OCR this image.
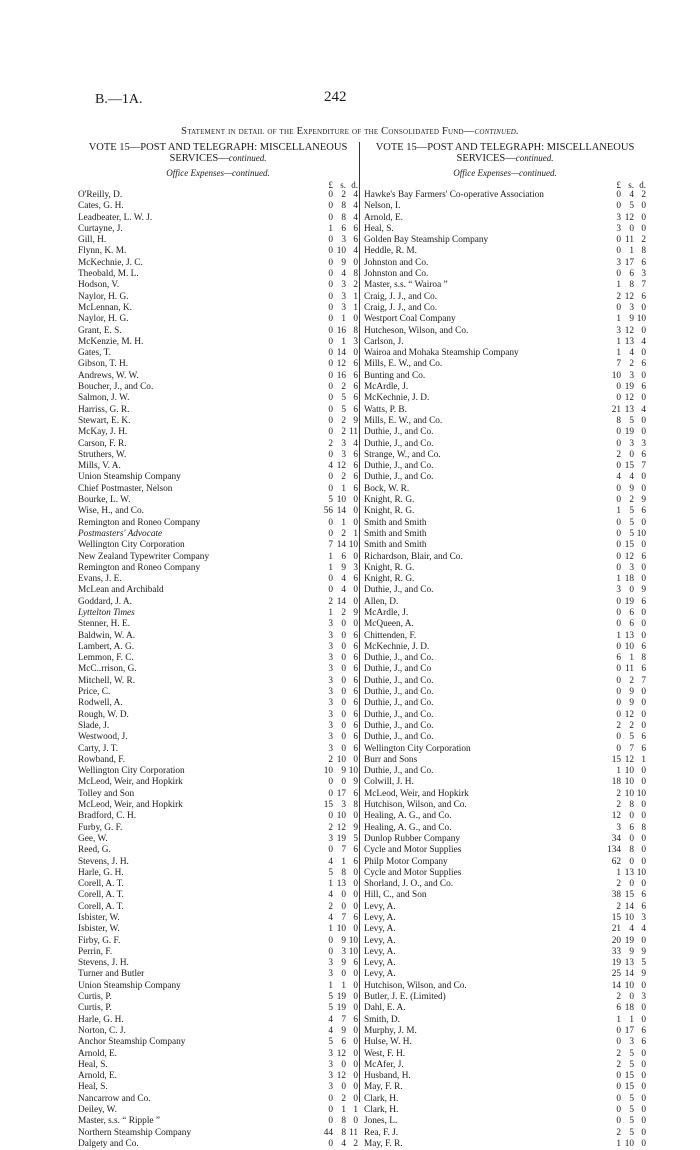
B.—1A.	242
Statement in detail of the Expenditure of the Consolidated Fund—continued.
VOTE 15—POST AND TELEGRAPH: MISCELLANEOUS
SERVICES—continued.
Office Expenses—continued.
£ s. d.
O'Reilly, D.	0 2 4
Cates, G. H.	0 8 4
Leadbeater, L. W. J.	0 8 4
Curtayne, J.	1 6 6
Gill, H.	0 3 6
Flynn, K. M.	0 10 4
McKechnie, J. C.	0 9 0
Theobald, M. L.	0 4 8
Hodson, V.	0 3 2
Naylor, H. G.	0 3 1
McLennan, K.	0 3 1
Naylor, H. G.	0 1 0
Grant, E. S.	0 16 8
McKenzie, M. H.	0 1 3
Gates, T.	0 14 0
Gibson, T. H.	0 12 6
Andrews, W. W.	0 16 6
Boucher, J., and Co.	0 2 6
Salmon, J. W.	0 5 6
Harriss, G. R.	0 5 6
Stewart, E. K.	0 2 9
McKay, J. H.	0 2 11
Carson, F. R.	2 3 4
Struthers, W.	0 3 6
Mills, V. A.	4 12 6
Union Steamship Company	0 2 6
Chief Postmaster, Nelson	0 1 6
Bourke, L. W.	5 10 0
Wise, H., and Co.	56 14 0
Remington and Roneo Company	0 1 0
Postmasters' Advocate	0 2 1
Wellington City Corporation	7 14 10
New Zealand Typewriter Company	1 6 0
Remington and Roneo Company	1 9 3
Evans, J. E.	0 4 6
McLean and Archibald	0 4 0
Goddard, J. A.	2 14 0
Lyttelton Times	1 2 9
Stenner, H. E.	3 0 0
Baldwin, W. A.	3 0 6
Lambert, A. G.	3 0 6
Lemmon, F. C.	3 0 6
McC..rrison, G.	3 0 6
Mitchell, W. R.	3 0 6
Price, C.	3 0 6
Rodwell, A.	3 0 6
Rough, W. D.	3 0 6
Slade, J.	3 0 6
Westwood, J.	3 0 6
Carty, J. T.	3 0 6
Rowband, F.	2 10 0
Wellington City Corporation	10 9 10
McLeod, Weir, and Hopkirk	0 0 9
Tolley and Son	0 17 6
McLeod, Weir, and Hopkirk	15 3 8
Bradford, C. H.	0 10 0
Furby, G. F.	2 12 9
Gee, W.	3 19 5
Reed, G.	0 7 6
Stevens, J. H.	4 1 6
Harle, G. H.	5 8 0
Corell, A. T.	1 13 0
Corell, A. T.	4 0 0
Corell, A. T.	2 0 0
Isbister, W.	4 7 6
Isbister, W.	1 10 0
Firby, G. F.	0 9 10
Perrin, F.	0 3 10
Stevens, J. H.	3 9 6
Turner and Butler	3 0 0
Union Steamship Company	1 1 0
Curtis, P.	5 19 0
Curtis, P.	5 19 0
Harle, G. H.	4 7 6
Norton, C. J.	4 9 0
Anchor Steamship Company	5 6 0
Arnold, E.	3 12 0
Heal, S.	3 0 0
Arnold, E.	3 12 0
Heal, S.	3 0 0
Nancarrow and Co.	0 2 0
Deiley, W.	0 1 1
Master, s.s. “ Ripple ”	0 8 0
Northern Steamship Company	44 8 11
Dalgety and Co.	0 4 2
VOTE 15—POST AND TELEGRAPH: MISCELLANEOUS
SERVICES—continued.
Office Expenses—continued.
£ s. d.
Hawke's Bay Farmers' Co-operative Association	0 4 2
Nelson, I.	0 5 0
Arnold, E.	3 12 0
Heal, S.	3 0 0
Golden Bay Steamship Company	0 11 2
Heddle, R. M.	0 1 8
Johnston and Co.	3 17 6
Johnston and Co.	0 6 3
Master, s.s. “ Wairoa ”	1 8 7
Craig, J. J., and Co.	2 12 6
Craig, J. J., and Co.	0 3 0
Westport Coal Company	1 9 10
Hutcheson, Wilson, and Co.	3 12 0
Carlson, J.	1 13 4
Wairoa and Mohaka Steamship Company	1 4 0
Mills, E. W., and Co.	7 2 6
Bunting and Co.	10 3 0
McArdle, J.	0 19 6
McKechnie, J. D.	0 12 0
Watts, P. B.	21 13 4
Mills, E. W., and Co.	8 5 0
Duthie, J., and Co.	0 19 0
Duthie, J., and Co.	0 3 3
Strange, W., and Co.	2 0 6
Duthie, J., and Co.	0 15 7
Duthie, J., and Co.	4 4 0
Bock, W. R.	0 9 0
Knight, R. G.	0 2 9
Knight, R. G.	1 5 6
Smith and Smith	0 5 0
Smith and Smith	0 5 10
Smith and Smith	0 15 0
Richardson, Blair, and Co.	0 12 6
Knight, R. G.	0 3 0
Knight, R. G.	1 18 0
Duthie, J., and Co.	3 0 9
Allen, D.	0 19 6
McArdle, J.	0 6 0
McQueen, A.	0 6 0
Chittenden, F.	1 13 0
McKechnie, J. D.	0 10 6
Duthie, J., and Co.	6 1 8
Duthie, J., and Co	0 11 6
Duthie, J., and Co.	0 2 7
Duthie, J., and Co.	0 9 0
Duthie, J., and Co.	0 9 0
Duthie, J., and Co.	0 12 0
Duthie, J., and Co.	2 2 0
Duthie, J., and Co.	0 5 6
Wellington City Corporation	0 7 6
Burr and Sons	15 12 1
Duthie, J., and Co.	1 10 0
Colwill, J. H.	18 10 0
McLeod, Weir, and Hopkirk	2 10 10
Hutchison, Wilson, and Co.	2 8 0
Healing, A. G., and Co.	12 0 0
Healing, A. G., and Co.	3 6 8
Dunlop Rubber Company	34 0 0
Cycle and Motor Supplies	134 8 0
Philp Motor Company	62 0 0
Cycle and Motor Supplies	1 13 10
Shorland, J. O., and Co.	2 0 0
Hill, C., and Son	38 15 6
Levy, A.	2 14 6
Levy, A.	15 10 3
Levy, A.	21 4 4
Levy, A.	20 19 0
Levy, A.	33 9 9
Levy, A.	19 13 5
Levy, A.	25 14 9
Hutchison, Wilson, and Co.	14 10 0
Butler, J. E. (Limited)	2 0 3
Dahl, E. A.	6 18 0
Smith, D.	1 1 0
Murphy, J. M.	0 17 6
Hulse, W. H.	0 3 6
West, F. H.	2 5 0
McAfer, J.	2 5 0
Husband, H.	0 15 0
May, F. R.	0 15 0
Clark, H.	0 5 0
Clark, H.	0 5 0
Jones, L.	0 5 0
Rea, F. J.	2 5 0
May, F. R.	1 10 0
